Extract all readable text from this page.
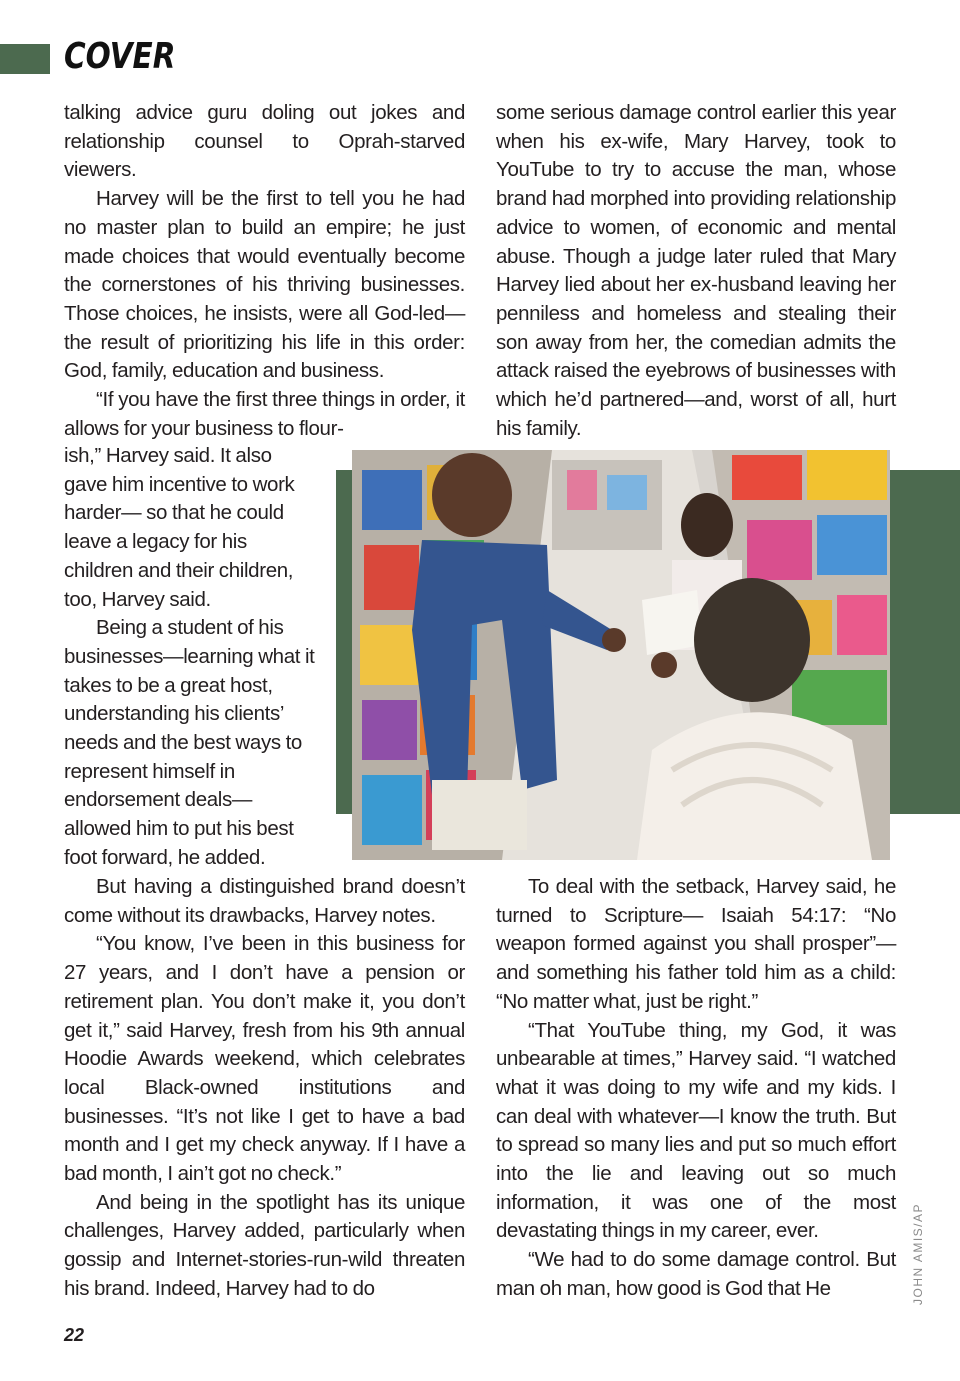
COVER

talking advice guru doling out jokes and relationship counsel to Oprah-starved viewers.

Harvey will be the first to tell you he had no master plan to build an empire; he just made choices that would eventually become the cornerstones of his thriving businesses. Those choices, he insists, were all God-led—the result of prioritizing his life in this order: God, family, education and business.

“If you have the first three things in order, it allows for your business to flour-

ish,” Harvey said. It also gave him incentive to work harder— so that he could leave a legacy for his children and their children, too, Harvey said.

Being a student of his businesses—learning what it takes to be a great host, understanding his clients’ needs and the best ways to represent himself in endorsement deals—allowed him to put his best foot forward, he added.

But having a distinguished brand doesn’t come without its drawbacks, Harvey notes.

“You know, I’ve been in this business for 27 years, and I don’t have a pension or retirement plan. You don’t make it, you don’t get it,” said Harvey, fresh from his 9th annual Hoodie Awards weekend, which celebrates local Black-owned institutions and businesses. “It’s not like I get to have a bad month and I get my check anyway. If I have a bad month, I ain’t got no check.”

And being in the spotlight has its unique challenges, Harvey added, particularly when gossip and Internet-stories-run-wild threaten his brand. Indeed, Harvey had to do

some serious damage control earlier this year when his ex-wife, Mary Harvey, took to YouTube to try to accuse the man, whose brand had morphed into providing relationship advice to women, of economic and mental abuse. Though a judge later ruled that Mary Harvey lied about her ex-husband leaving her penniless and homeless and stealing their son away from her, the comedian admits the attack raised the eyebrows of businesses with which he’d partnered—and, worst of all, hurt his family.

To deal with the setback, Harvey said, he turned to Scripture— Isaiah 54:17: “No weapon formed against you shall prosper”—and something his father told him as a child: “No matter what, just be right.”

“That YouTube thing, my God, it was unbearable at times,” Harvey said. “I watched what it was doing to my wife and my kids. I can deal with whatever—I know the truth. But to spread so many lies and put so much effort into the lie and leaving out so much information, it was one of the most devastating things in my career, ever.

“We had to do some damage control. But man oh man, how good is God that He	JOHN AMIS/AP
22
